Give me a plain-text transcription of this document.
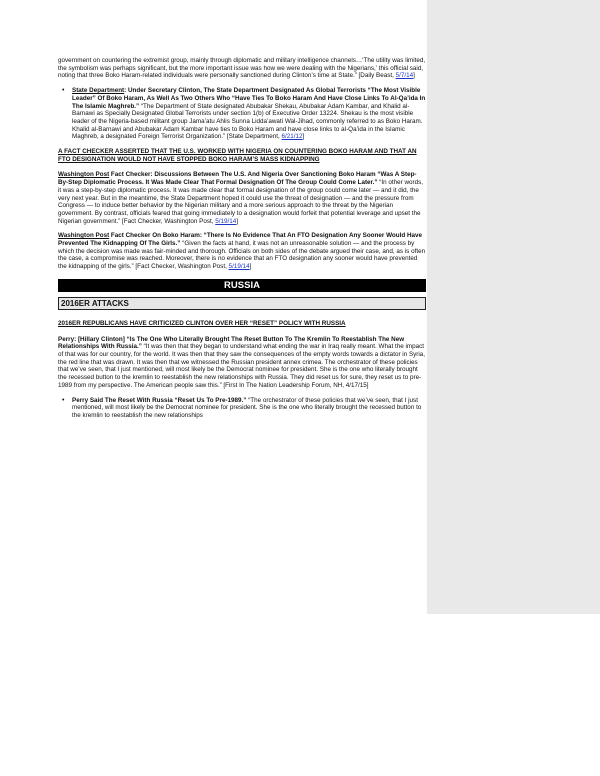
government on countering the extremist group, mainly through diplomatic and military intelligence channels…‘The utility was limited, the symbolism was perhaps significant, but the more important issue was how we were dealing with the Nigerians,’ this official said, noting that three Boko Haram-related individuals were personally sanctioned during Clinton’s time at State.” [Daily Beast, 5/7/14]

• State Department: Under Secretary Clinton, The State Department Designated As Global Terrorists “The Most Visible Leader” Of Boko Haram, As Well As Two Others Who “Have Ties To Boko Haram And Have Close Links To Al-Qa’ida In The Islamic Maghreb.” “The Department of State designated Abubakar Shekau, Abubakar Adam Kambar, and Khalid al-Barnawi as Specially Designated Global Terrorists under section 1(b) of Executive Order 13224. Shekau is the most visible leader of the Nigeria-based militant group Jama’atu Ahlis Sunna Lidda’awati Wal-Jihad, commonly referred to as Boko Haram. Khalid al-Barnawi and Abubakar Adam Kambar have ties to Boko Haram and have close links to al-Qa’ida in the Islamic Maghreb, a designated Foreign Terrorist Organization.” [State Department, 6/21/12]
A FACT CHECKER ASSERTED THAT THE U.S. WORKED WITH NIGERIA ON COUNTERING BOKO HARAM AND THAT AN FTO DESIGNATION WOULD NOT HAVE STOPPED BOKO HARAM’S MASS KIDNAPPING

Washington Post Fact Checker: Discussions Between The U.S. And Nigeria Over Sanctioning Boko Haram “Was A Step-By-Step Diplomatic Process. It Was Made Clear That Formal Designation Of The Group Could Come Later.” “In other words, it was a step-by-step diplomatic process. It was made clear that formal designation of the group could come later — and it did, the very next year. But in the meantime, the State Department hoped it could use the threat of designation — and the pressure from Congress — to induce better behavior by the Nigerian military and a more serious approach to the threat by the Nigerian government. By contrast, officials feared that going immediately to a designation would forfeit that potential leverage and upset the Nigerian government.” [Fact Checker, Washington Post, 5/19/14]

Washington Post Fact Checker On Boko Haram: “There Is No Evidence That An FTO Designation Any Sooner Would Have Prevented The Kidnapping Of The Girls.” “Given the facts at hand, it was not an unreasonable solution — and the process by which the decision was made was fair-minded and thorough. Officials on both sides of the debate argued their case, and, as is often the case, a compromise was reached. Moreover, there is no evidence that an FTO designation any sooner would have prevented the kidnapping of the girls.” [Fact Checker, Washington Post, 5/19/14]

RUSSIA
2016ER ATTACKS
2016ER REPUBLICANS HAVE CRITICIZED CLINTON OVER HER “RESET” POLICY WITH RUSSIA

Perry: [Hillary Clinton] “Is The One Who Literally Brought The Reset Button To The Kremlin To Reestablish The New Relationships With Russia.” “It was then that they began to understand what ending the war in Iraq really meant. What the impact of that was for our country, for the world. It was then that they saw the consequences of the empty words towards a dictator in Syria, the red line that was drawn. It was then that we witnessed the Russian president annex crimea. The orchestrator of these policies that we’ve seen, that I just mentioned, will most likely be the Democrat nominee for president. She is the one who literally brought the recessed button to the kremlin to reestablish the new relationships with Russia. They did reset us for sure, they reset us to pre-1989 from my perspective. The American people saw this.” [First In The Nation Leadership Forum, NH, 4/17/15]

• Perry Said The Reset With Russia “Reset Us To Pre-1989.” “The orchestrator of these policies that we’ve seen, that I just mentioned, will most likely be the Democrat nominee for president. She is the one who literally brought the recessed button to the kremlin to reestablish the new relationships
